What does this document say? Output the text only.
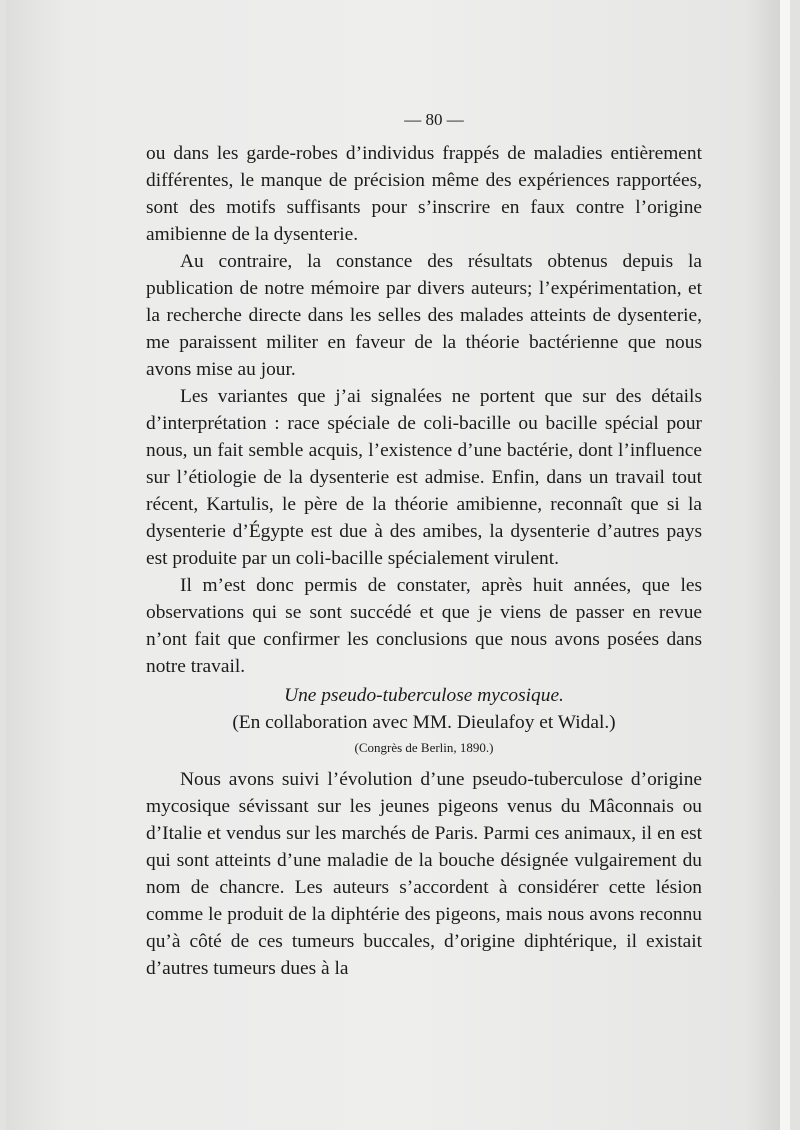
— 80 —

ou dans les garde-robes d’individus frappés de maladies entièrement différentes, le manque de précision même des expériences rapportées, sont des motifs suffisants pour s’inscrire en faux contre l’origine amibienne de la dysenterie.

Au contraire, la constance des résultats obtenus depuis la publication de notre mémoire par divers auteurs; l’expérimentation, et la recherche directe dans les selles des malades atteints de dysenterie, me paraissent militer en faveur de la théorie bactérienne que nous avons mise au jour.

Les variantes que j’ai signalées ne portent que sur des détails d’interprétation : race spéciale de coli-bacille ou bacille spécial pour nous, un fait semble acquis, l’existence d’une bactérie, dont l’influence sur l’étiologie de la dysenterie est admise. Enfin, dans un travail tout récent, Kartulis, le père de la théorie amibienne, reconnaît que si la dysenterie d’Égypte est due à des amibes, la dysenterie d’autres pays est produite par un coli-bacille spécialement virulent.

Il m’est donc permis de constater, après huit années, que les observations qui se sont succédé et que je viens de passer en revue n’ont fait que confirmer les conclusions que nous avons posées dans notre travail.

Une pseudo-tuberculose mycosique.

(En collaboration avec MM. Dieulafoy et Widal.)

(Congrès de Berlin, 1890.)

Nous avons suivi l’évolution d’une pseudo-tuberculose d’origine mycosique sévissant sur les jeunes pigeons venus du Mâconnais ou d’Italie et vendus sur les marchés de Paris. Parmi ces animaux, il en est qui sont atteints d’une maladie de la bouche désignée vulgairement du nom de chancre. Les auteurs s’accordent à considérer cette lésion comme le produit de la diphtérie des pigeons, mais nous avons reconnu qu’à côté de ces tumeurs buccales, d’origine diphtérique, il existait d’autres tumeurs dues à la
